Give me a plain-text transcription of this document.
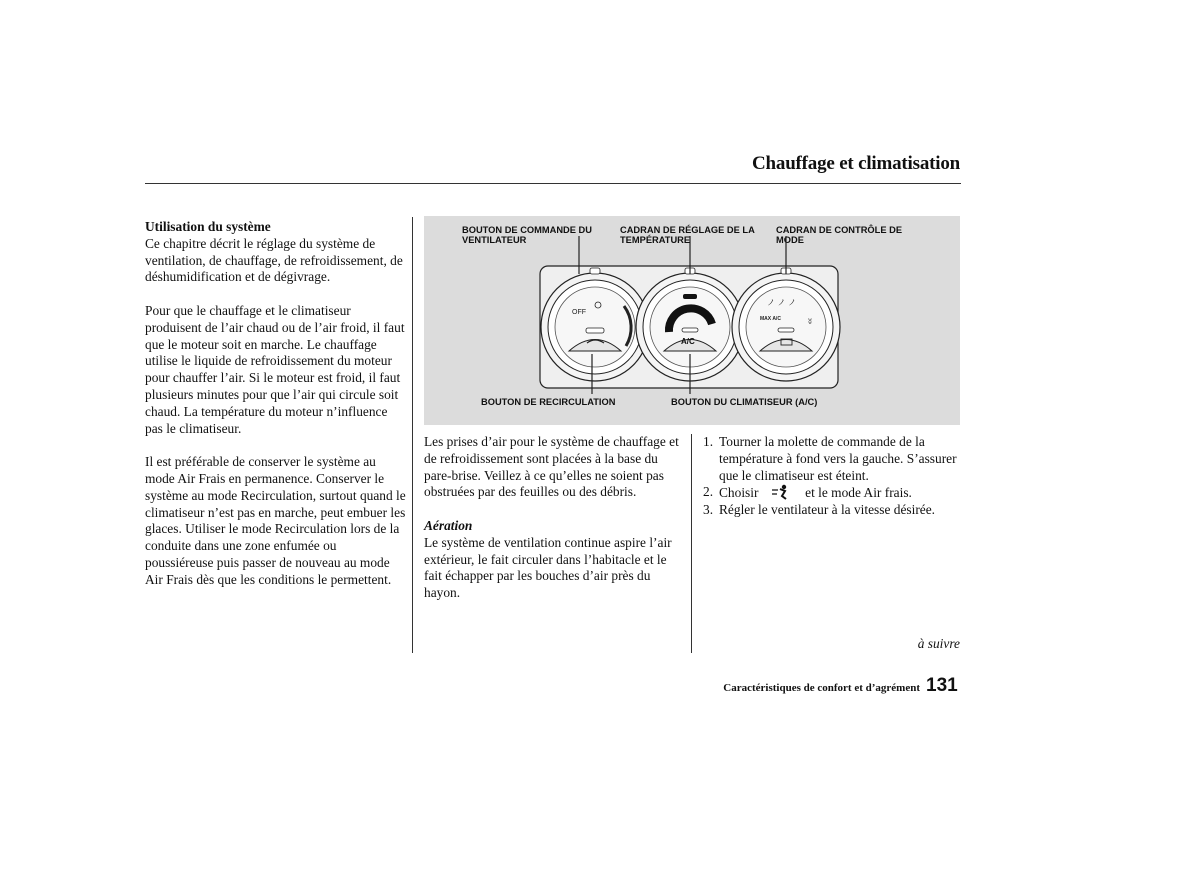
Chauffage et climatisation
Utilisation du système

Ce chapitre décrit le réglage du système de ventilation, de chauffage, de refroidissement, de déshumidification et de dégivrage.

Pour que le chauffage et le climatiseur produisent de l’air chaud ou de l’air froid, il faut que le moteur soit en marche. Le chauffage utilise le liquide de refroidissement du moteur pour chauffer l’air. Si le moteur est froid, il faut plusieurs minutes pour que l’air qui circule soit chaud. La température du moteur n’influence pas le climatiseur.

Il est préférable de conserver le système au mode Air Frais en permanence. Conserver le système au mode Recirculation, surtout quand le climatiseur n’est pas en marche, peut embuer les glaces. Utiliser le mode Recirculation lors de la conduite dans une zone enfumée ou poussiéreuse puis passer de nouveau au mode Air Frais dès que les conditions le permettent.

BOUTON DE COMMANDE DU VENTILATEUR
CADRAN DE RÉGLAGE DE LA TEMPÉRATURE
CADRAN DE CONTRÔLE DE MODE
BOUTON DE RECIRCULATION	BOUTON DU CLIMATISEUR (A/C)
OFF
A/C
ノ ノ ノ
MAX A/C	ʬ

Les prises d’air pour le système de chauffage et de refroidissement sont placées à la base du pare-brise. Veillez à ce qu’elles ne soient pas obstruées par des feuilles ou des débris.

Aération

Le système de ventilation continue aspire l’air extérieur, le fait circuler dans l’habitacle et le fait échapper par les bouches d’air près du hayon.

1. Tourner la molette de commande de la température à fond vers la gauche. S’assurer que le climatiseur est éteint.
2. Choisir	et le mode Air frais.
3. Régler le ventilateur à la vitesse désirée.
à suivre
Caractéristiques de confort et d’agrément 131
